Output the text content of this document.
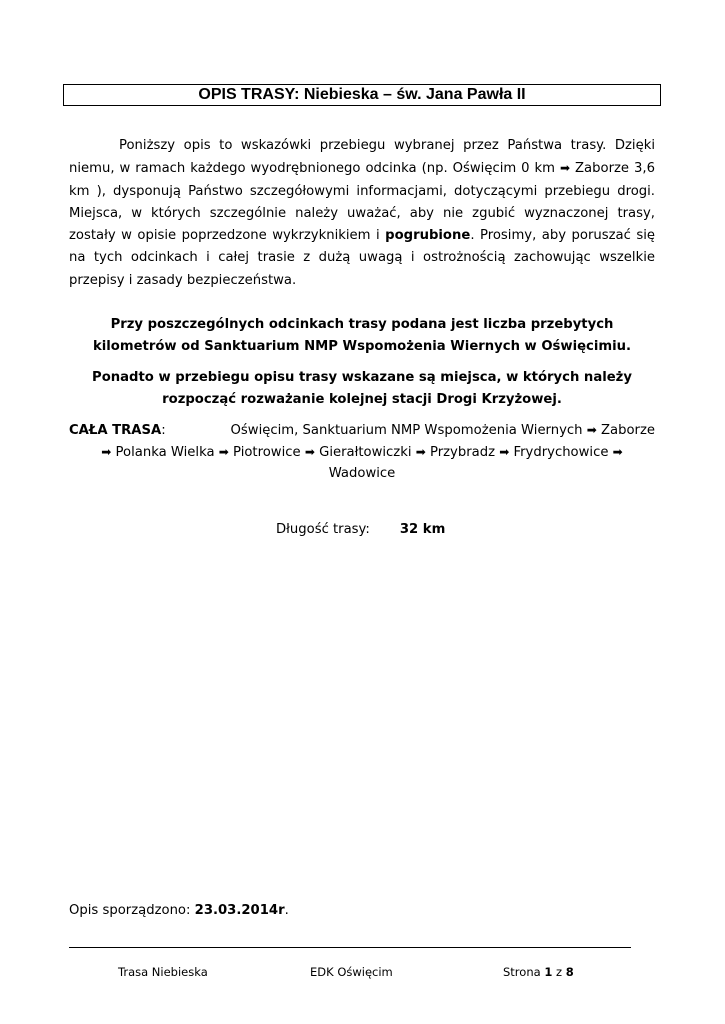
OPIS TRASY: Niebieska – św. Jana Pawła II

Poniższy opis to wskazówki przebiegu wybranej przez Państwa trasy. Dzięki niemu, w ramach każdego wyodrębnionego odcinka (np. Oświęcim 0 km ➡ Zaborze 3,6 km ), dysponują Państwo szczegółowymi informacjami, dotyczącymi przebiegu drogi. Miejsca, w których szczególnie należy uważać, aby nie zgubić wyznaczonej trasy, zostały w opisie poprzedzone wykrzyknikiem i pogrubione. Prosimy, aby poruszać się na tych odcinkach i całej trasie z dużą uwagą i ostrożnością zachowując wszelkie przepisy i zasady bezpieczeństwa.

Przy poszczególnych odcinkach trasy podana jest liczba przebytych kilometrów od Sanktuarium NMP Wspomożenia Wiernych w Oświęcimiu.

Ponadto w przebiegu opisu trasy wskazane są miejsca, w których należy rozpocząć rozważanie kolejnej stacji Drogi Krzyżowej.

CAŁA TRASA:	Oświęcim, Sanktuarium NMP Wspomożenia Wiernych ➡ Zaborze
➡ Polanka Wielka ➡ Piotrowice ➡ Gierałtowiczki ➡ Przybradz ➡ Frydrychowice ➡
Wadowice
Długość trasy: 32 km
Opis sporządzono: 23.03.2014r.
Trasa Niebieska	EDK Oświęcim	Strona 1 z 8
